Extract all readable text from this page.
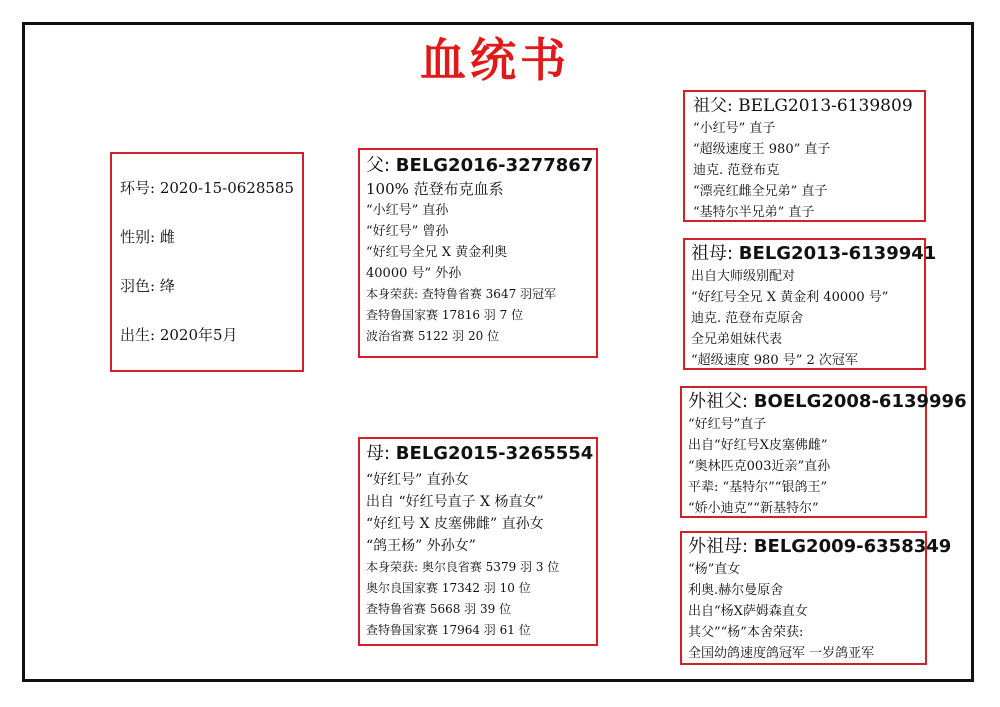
血统书
环号: 2020-15-0628585
性别: 雌
羽色: 绛
出生: 2020年5月
父: BELG2016-3277867
100% 范登布克血系
“小红号” 直孙
“好红号” 曾孙
“好红号全兄 X 黄金利奥
40000 号” 外孙
本身荣获: 查特鲁省赛 3647 羽冠军
查特鲁国家赛 17816 羽 7 位
波治省赛 5122 羽 20 位
母: BELG2015-3265554
“好红号” 直孙女
出自 “好红号直子 X 杨直女”
“好红号 X 皮塞佛雌” 直孙女
“鸽王杨” 外孙女”
本身荣获: 奥尔良省赛 5379 羽 3 位
奥尔良国家赛 17342 羽 10 位
查特鲁省赛 5668 羽 39 位
查特鲁国家赛 17964 羽 61 位
祖父: BELG2013-6139809
“小红号” 直子
“超级速度王 980” 直子
迪克. 范登布克
“漂亮红雌全兄弟” 直子
“基特尔半兄弟” 直子
祖母: BELG2013-6139941
出自大师级别配对
“好红号全兄 X 黄金利 40000 号”
迪克. 范登布克原舍
全兄弟姐妹代表
“超级速度 980 号” 2 次冠军
外祖父: BOELG2008-6139996
“好红号”直子
出自“好红号X皮塞佛雌”
“奥林匹克003近亲”直孙
平辈: “基特尔”“银鸽王”
“娇小迪克”“新基特尔”
外祖母: BELG2009-6358349
“杨”直女
利奥.赫尔曼原舍
出自“杨X萨姆森直女
其父”“杨”本舍荣获:
全国幼鸽速度鸽冠军 一岁鸽亚军
